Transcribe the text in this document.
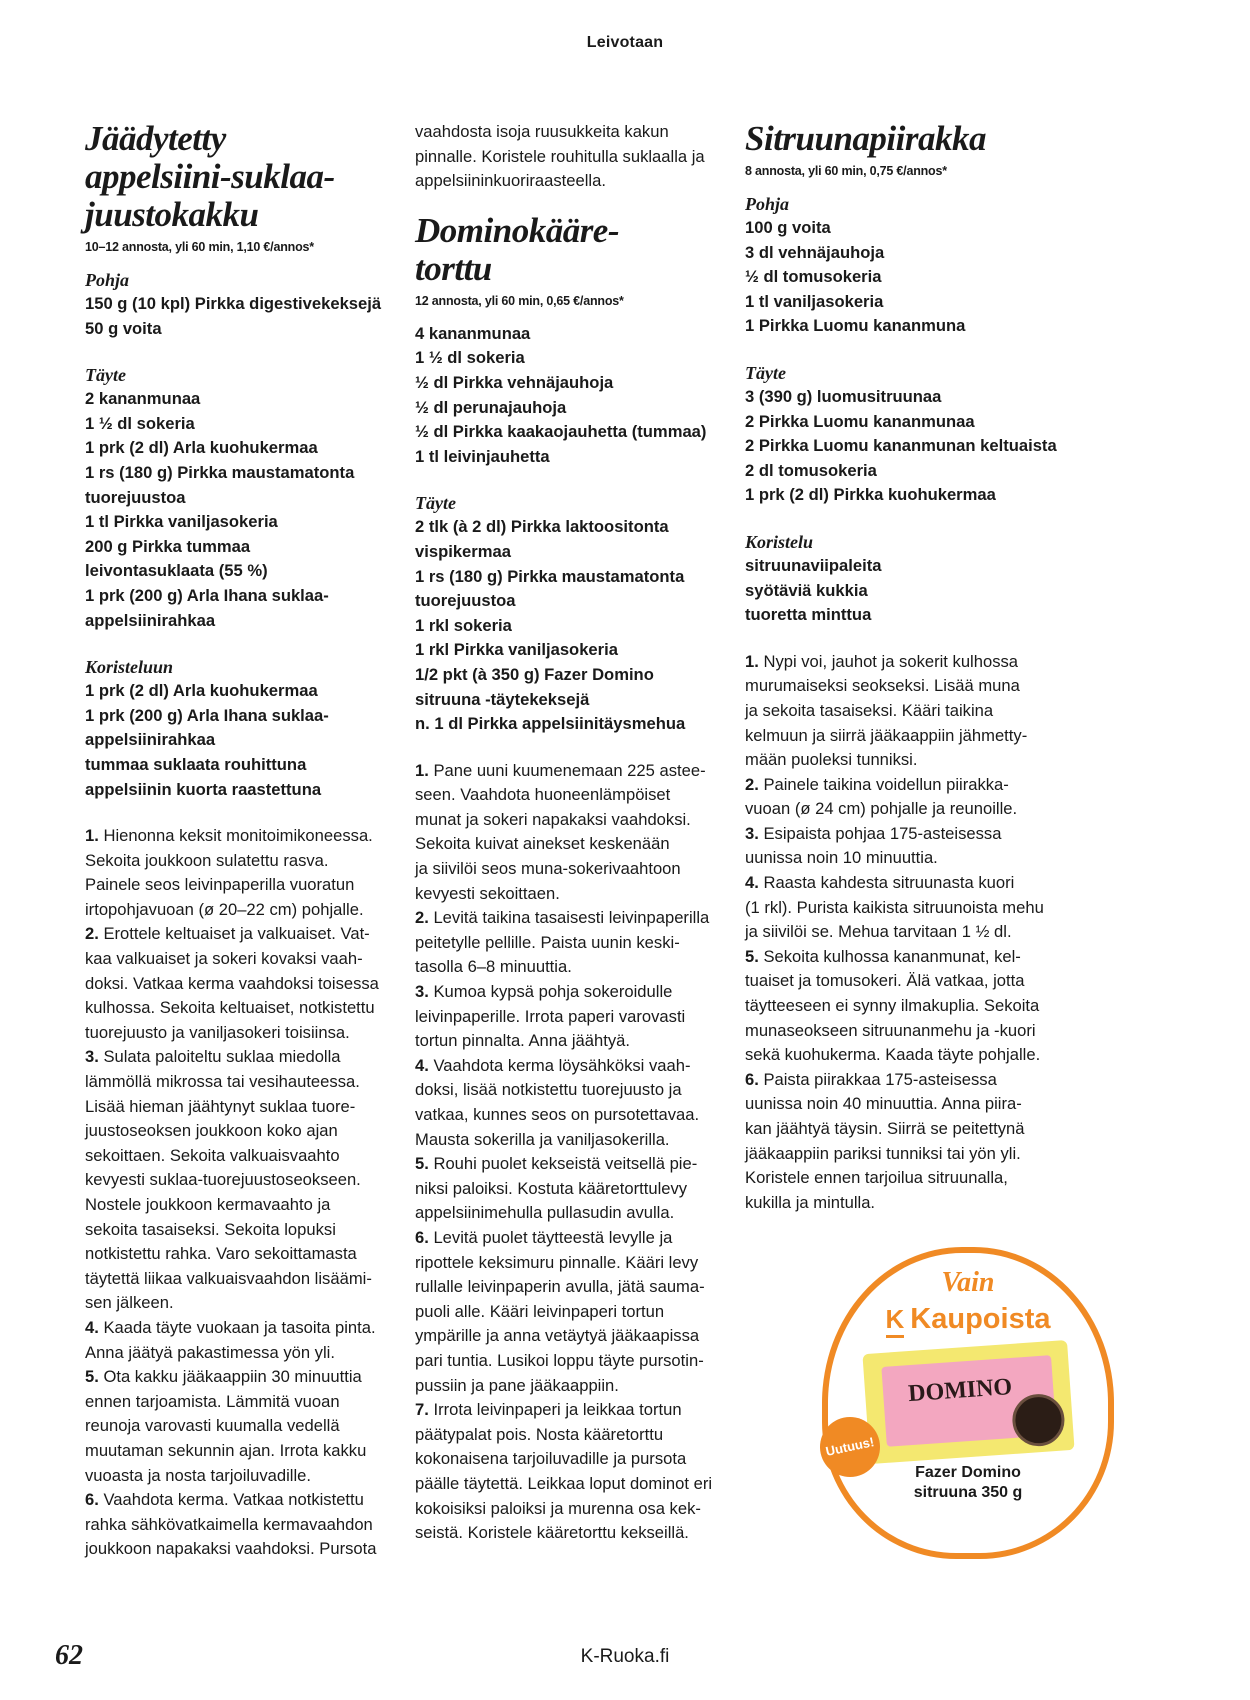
Leivotaan
Jäädytetty
appelsiini-suklaa-
juustokakku
10–12 annosta, yli 60 min, 1,10 €/annos*
Pohja
150 g (10 kpl) Pirkka digestivekeksejä
50 g voita
Täyte
2 kananmunaa
1 ½ dl sokeria
1 prk (2 dl) Arla kuohukermaa
1 rs (180 g) Pirkka maustamatonta
tuorejuustoa
1 tl Pirkka vaniljasokeria
200 g Pirkka tummaa
leivontasuklaata (55 %)
1 prk (200 g) Arla Ihana suklaa-
appelsiinirahkaa
Koristeluun
1 prk (2 dl) Arla kuohukermaa
1 prk (200 g) Arla Ihana suklaa-
appelsiinirahkaa
tummaa suklaata rouhittuna
appelsiinin kuorta raastettuna
1. Hienonna keksit monitoimikoneessa.
Sekoita joukkoon sulatettu rasva.
Painele seos leivinpaperilla vuoratun
irtopohjavuoan (ø 20–22 cm) pohjalle.
2. Erottele keltuaiset ja valkuaiset. Vat-
kaa valkuaiset ja sokeri kovaksi vaah-
doksi. Vatkaa kerma vaahdoksi toisessa
kulhossa. Sekoita keltuaiset, notkistettu
tuorejuusto ja vaniljasokeri toisiinsa.
3. Sulata paloiteltu suklaa miedolla
lämmöllä mikrossa tai vesihauteessa.
Lisää hieman jäähtynyt suklaa tuore-
juustoseoksen joukkoon koko ajan
sekoittaen. Sekoita valkuaisvaahto
kevyesti suklaa-tuorejuustoseokseen.
Nostele joukkoon kermavaahto ja
sekoita tasaiseksi. Sekoita lopuksi
notkistettu rahka. Varo sekoittamasta
täytettä liikaa valkuaisvaahdon lisäämi-
sen jälkeen.
4. Kaada täyte vuokaan ja tasoita pinta.
Anna jäätyä pakastimessa yön yli.
5. Ota kakku jääkaappiin 30 minuuttia
ennen tarjoamista. Lämmitä vuoan
reunoja varovasti kuumalla vedellä
muutaman sekunnin ajan. Irrota kakku
vuoasta ja nosta tarjoiluvadille.
6. Vaahdota kerma. Vatkaa notkistettu
rahka sähkövatkaimella kermavaahdon
joukkoon napakaksi vaahdoksi. Pursota
vaahdosta isoja ruusukkeita kakun
pinnalle. Koristele rouhitulla suklaalla ja
appelsiininkuoriraasteella.
Dominokääre-
torttu
12 annosta, yli 60 min, 0,65 €/annos*
4 kananmunaa
1 ½ dl sokeria
½ dl Pirkka vehnäjauhoja
½ dl perunajauhoja
½ dl Pirkka kaakaojauhetta (tummaa)
1 tl leivinjauhetta
Täyte
2 tlk (à 2 dl) Pirkka laktoositonta
vispikermaa
1 rs (180 g) Pirkka maustamatonta
tuorejuustoa
1 rkl sokeria
1 rkl Pirkka vaniljasokeria
1/2 pkt (à 350 g) Fazer Domino
sitruuna -täytekeksejä
n. 1 dl Pirkka appelsiinitäysmehua
1. Pane uuni kuumenemaan 225 astee-
seen. Vaahdota huoneenlämpöiset
munat ja sokeri napakaksi vaahdoksi.
Sekoita kuivat ainekset keskenään
ja siivilöi seos muna-sokerivaahtoon
kevyesti sekoittaen.
2. Levitä taikina tasaisesti leivinpaperilla
peitetylle pellille. Paista uunin keski-
tasolla 6–8 minuuttia.
3. Kumoa kypsä pohja sokeroidulle
leivinpaperille. Irrota paperi varovasti
tortun pinnalta. Anna jäähtyä.
4. Vaahdota kerma löysähköksi vaah-
doksi, lisää notkistettu tuorejuusto ja
vatkaa, kunnes seos on pursotettavaa.
Mausta sokerilla ja vaniljasokerilla.
5. Rouhi puolet kekseistä veitsellä pie-
niksi paloiksi. Kostuta kääretorttulevy
appelsiinimehulla pullasudin avulla.
6. Levitä puolet täytteestä levylle ja
ripottele keksimuru pinnalle. Kääri levy
rullalle leivinpaperin avulla, jätä sauma-
puoli alle. Kääri leivinpaperi tortun
ympärille ja anna vetäytyä jääkaapissa
pari tuntia. Lusikoi loppu täyte pursotin-
pussiin ja pane jääkaappiin.
7. Irrota leivinpaperi ja leikkaa tortun
päätypalat pois. Nosta kääretorttu
kokonaisena tarjoiluvadille ja pursota
päälle täytettä. Leikkaa loput dominot eri
kokoisiksi paloiksi ja murenna osa kek-
seistä. Koristele kääretorttu kekseillä.
Sitruunapiirakka
8 annosta, yli 60 min, 0,75 €/annos*
Pohja
100 g voita
3 dl vehnäjauhoja
½ dl tomusokeria
1 tl vaniljasokeria
1 Pirkka Luomu kananmuna
Täyte
3 (390 g) luomusitruunaa
2 Pirkka Luomu kananmunaa
2 Pirkka Luomu kananmunan keltuaista
2 dl tomusokeria
1 prk (2 dl) Pirkka kuohukermaa
Koristelu
sitruunaviipaleita
syötäviä kukkia
tuoretta minttua
1. Nypi voi, jauhot ja sokerit kulhossa
murumaiseksi seokseksi. Lisää muna
ja sekoita tasaiseksi. Kääri taikina
kelmuun ja siirrä jääkaappiin jähmetty-
mään puoleksi tunniksi.
2. Painele taikina voidellun piirakka-
vuoan (ø 24 cm) pohjalle ja reunoille.
3. Esipaista pohjaa 175-asteisessa
uunissa noin 10 minuuttia.
4. Raasta kahdesta sitruunasta kuori
(1 rkl). Purista kaikista sitruunoista mehu
ja siivilöi se. Mehua tarvitaan 1 ½ dl.
5. Sekoita kulhossa kananmunat, kel-
tuaiset ja tomusokeri. Älä vatkaa, jotta
täytteeseen ei synny ilmakuplia. Sekoita
munaseokseen sitruunanmehu ja -kuori
sekä kuohukerma. Kaada täyte pohjalle.
6. Paista piirakkaa 175-asteisessa
uunissa noin 40 minuuttia. Anna piira-
kan jäähtyä täysin. Siirrä se peitettynä
jääkaappiin pariksi tunniksi tai yön yli.
Koristele ennen tarjoilua sitruunalla,
kukilla ja mintulla.
Vain
K Kaupoista
DOMINO
Uutuus!
Fazer Domino
sitruuna 350 g
62	K-Ruoka.fi
